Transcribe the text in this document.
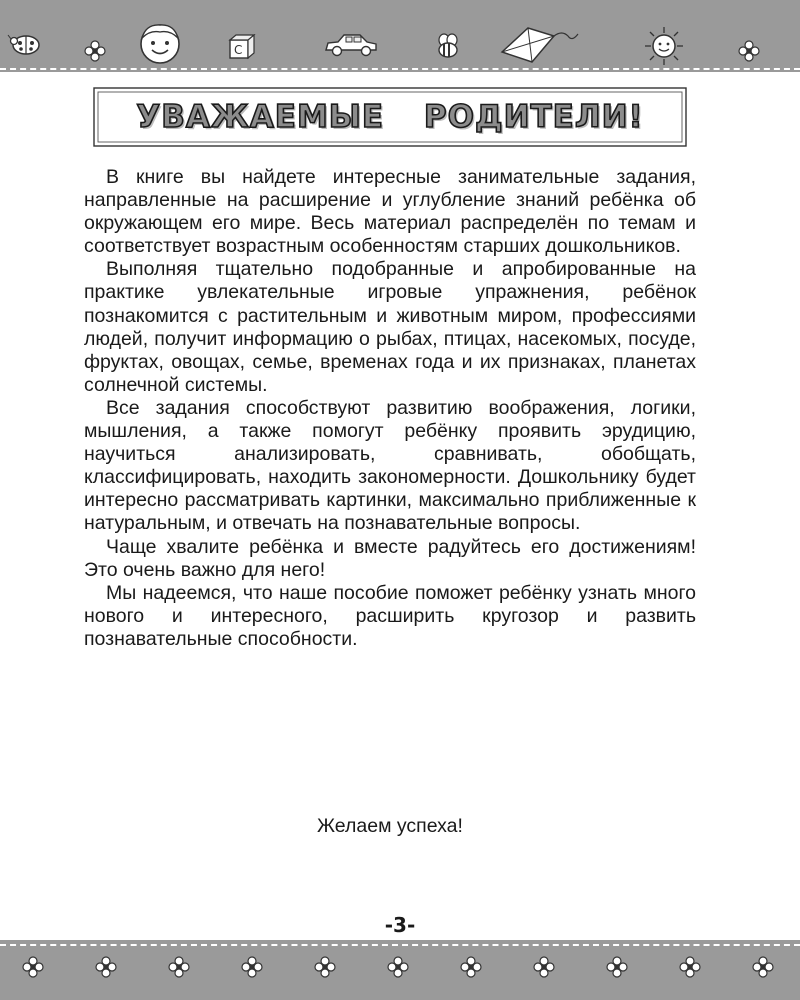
C
УВАЖАЕМЫЕ РОДИТЕЛИ!

В книге вы найдете интересные занимательные задания, направленные на расширение и углубление знаний ребёнка об окружающем его мире. Весь материал распределён по темам и соответствует возрастным особенностям старших дошкольников.

Выполняя тщательно подобранные и апробированные на практике увлекательные игровые упражнения, ребёнок познакомится с растительным и животным миром, профессиями людей, получит информацию о рыбах, птицах, насекомых, посуде, фруктах, овощах, семье, временах года и их признаках, планетах солнечной системы.

Все задания способствуют развитию воображения, логики, мышления, а также помогут ребёнку проявить эрудицию, научиться анализировать, сравнивать, обобщать, классифицировать, находить закономерности. Дошкольнику будет интересно рассматривать картинки, максимально приближенные к натуральным, и отвечать на познавательные вопросы.

Чаще хвалите ребёнка и вместе радуйтесь его достижениям! Это очень важно для него!

Мы надеемся, что наше пособие поможет ребёнку узнать много нового и интересного, расширить кругозор и развить познавательные способности.

Желаем успеха!
-3-
